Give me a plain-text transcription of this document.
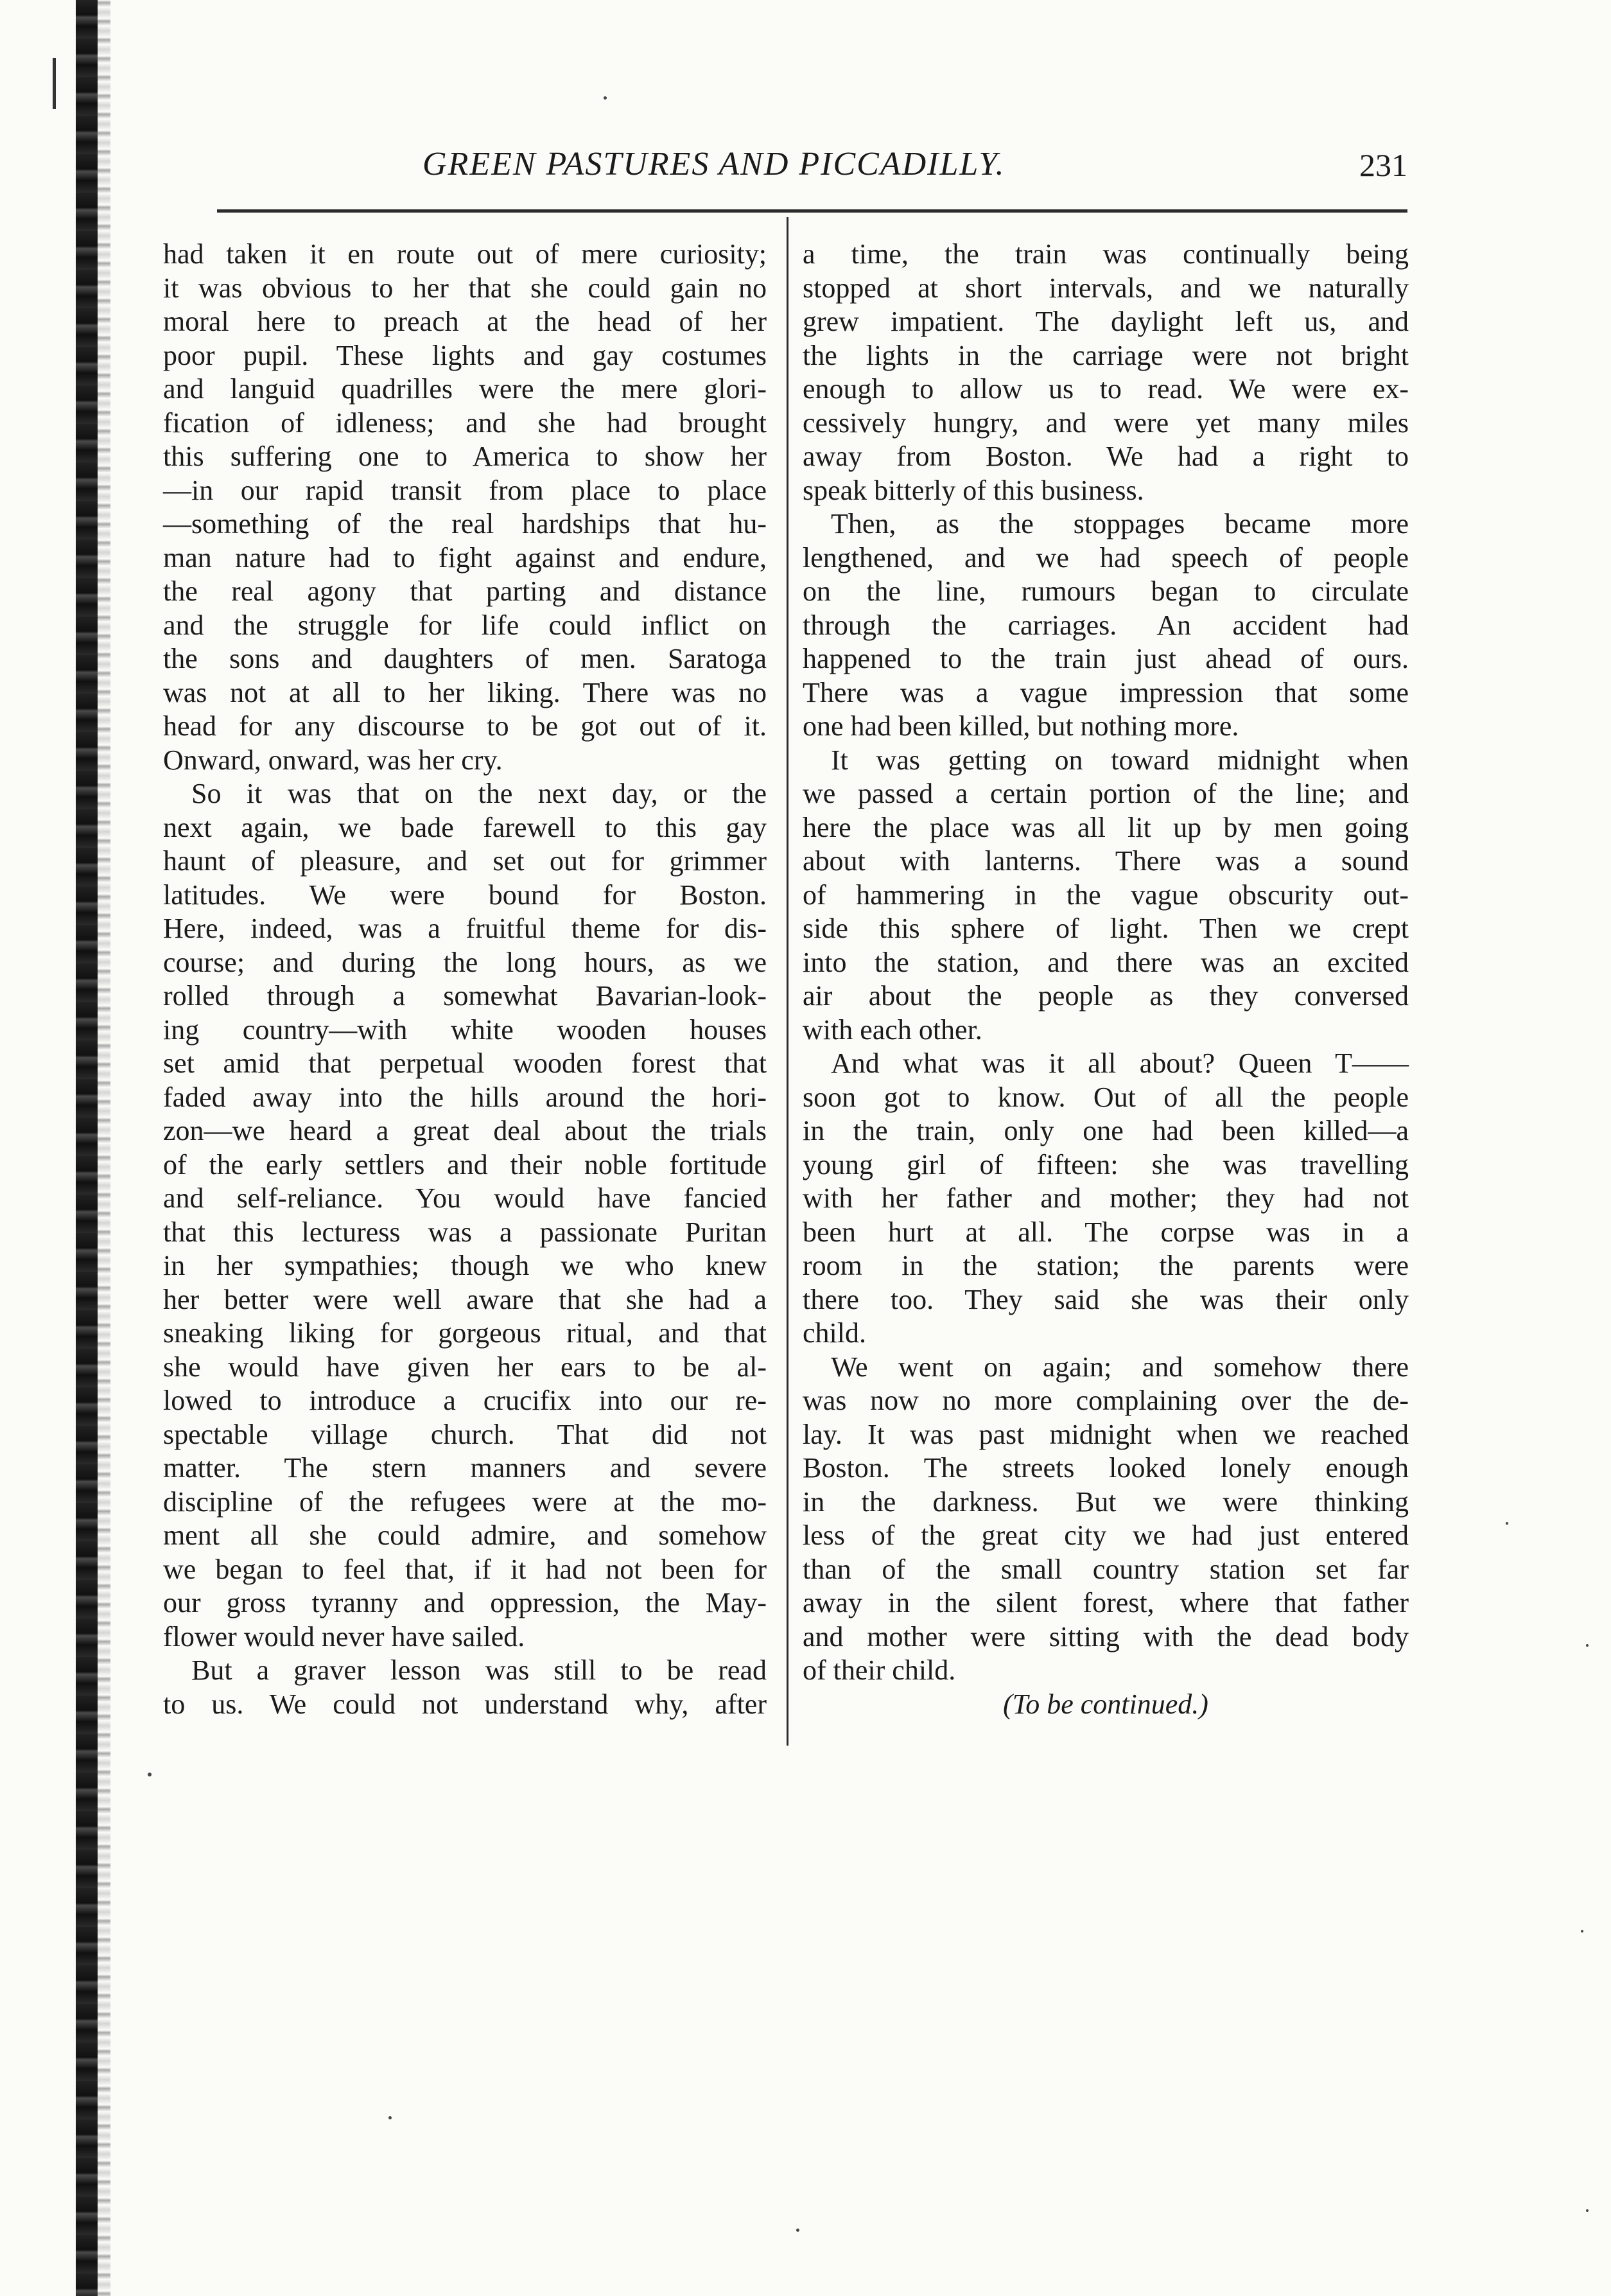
GREEN PASTURES AND PICCADILLY.	231
had taken it en route out of mere curiosity;
it was obvious to her that she could gain no
moral here to preach at the head of her
poor pupil. These lights and gay costumes
and languid quadrilles were the mere glori-
fication of idleness; and she had brought
this suffering one to America to show her
—in our rapid transit from place to place
—something of the real hardships that hu-
man nature had to fight against and endure,
the real agony that parting and distance
and the struggle for life could inflict on
the sons and daughters of men. Saratoga
was not at all to her liking. There was no
head for any discourse to be got out of it.
Onward, onward, was her cry.
So it was that on the next day, or the
next again, we bade farewell to this gay
haunt of pleasure, and set out for grimmer
latitudes. We were bound for Boston.
Here, indeed, was a fruitful theme for dis-
course; and during the long hours, as we
rolled through a somewhat Bavarian-look-
ing country—with white wooden houses
set amid that perpetual wooden forest that
faded away into the hills around the hori-
zon—we heard a great deal about the trials
of the early settlers and their noble fortitude
and self-reliance. You would have fancied
that this lecturess was a passionate Puritan
in her sympathies; though we who knew
her better were well aware that she had a
sneaking liking for gorgeous ritual, and that
she would have given her ears to be al-
lowed to introduce a crucifix into our re-
spectable village church. That did not
matter. The stern manners and severe
discipline of the refugees were at the mo-
ment all she could admire, and somehow
we began to feel that, if it had not been for
our gross tyranny and oppression, the May-
flower would never have sailed.
But a graver lesson was still to be read
to us. We could not understand why, after
a time, the train was continually being
stopped at short intervals, and we naturally
grew impatient. The daylight left us, and
the lights in the carriage were not bright
enough to allow us to read. We were ex-
cessively hungry, and were yet many miles
away from Boston. We had a right to
speak bitterly of this business.
Then, as the stoppages became more
lengthened, and we had speech of people
on the line, rumours began to circulate
through the carriages. An accident had
happened to the train just ahead of ours.
There was a vague impression that some
one had been killed, but nothing more.
It was getting on toward midnight when
we passed a certain portion of the line; and
here the place was all lit up by men going
about with lanterns. There was a sound
of hammering in the vague obscurity out-
side this sphere of light. Then we crept
into the station, and there was an excited
air about the people as they conversed
with each other.
And what was it all about? Queen T——
soon got to know. Out of all the people
in the train, only one had been killed—a
young girl of fifteen: she was travelling
with her father and mother; they had not
been hurt at all. The corpse was in a
room in the station; the parents were
there too. They said she was their only
child.
We went on again; and somehow there
was now no more complaining over the de-
lay. It was past midnight when we reached
Boston. The streets looked lonely enough
in the darkness. But we were thinking
less of the great city we had just entered
than of the small country station set far
away in the silent forest, where that father
and mother were sitting with the dead body
of their child.
(To be continued.)
